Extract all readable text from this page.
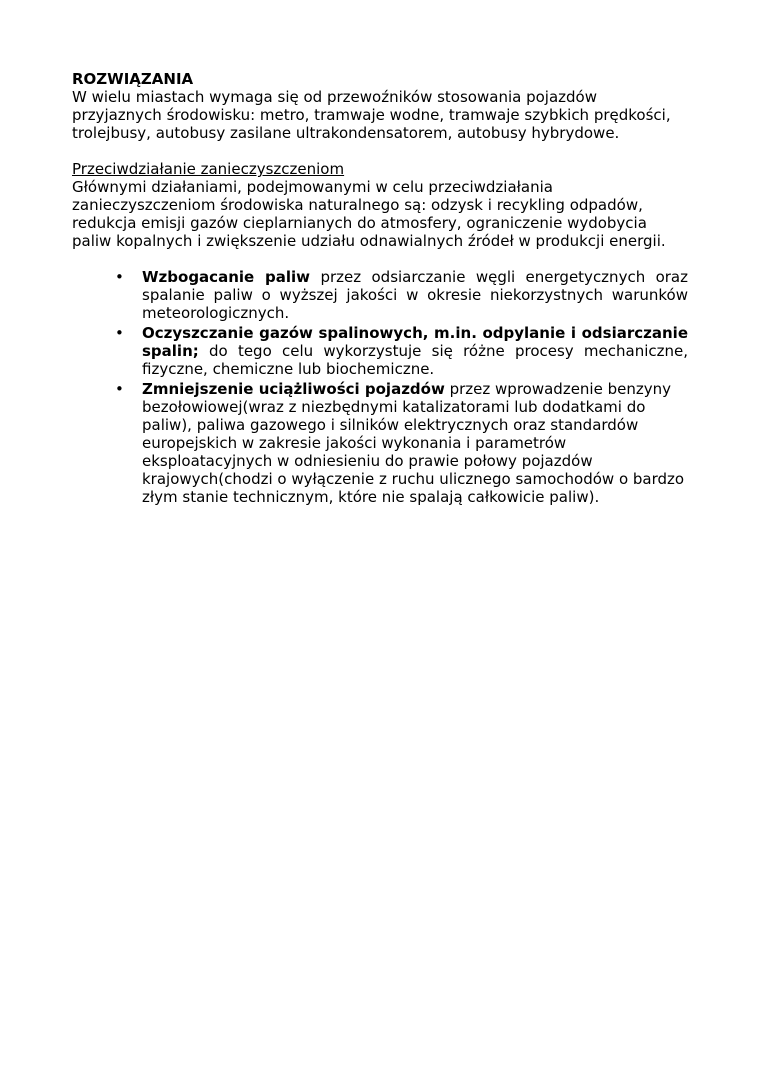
ROZWIĄZANIA
W wielu miastach wymaga się od przewoźników stosowania pojazdów przyjaznych środowisku: metro, tramwaje wodne, tramwaje szybkich prędkości, trolejbusy, autobusy zasilane ultrakondensatorem, autobusy hybrydowe.
Przeciwdziałanie zanieczyszczeniom
Głównymi działaniami, podejmowanymi w celu przeciwdziałania zanieczyszczeniom środowiska naturalnego są: odzysk i recykling odpadów, redukcja emisji gazów cieplarnianych do atmosfery, ograniczenie wydobycia paliw kopalnych i zwiększenie udziału odnawialnych źródeł w produkcji energii.
• Wzbogacanie paliw przez odsiarczanie węgli energetycznych oraz spalanie paliw o wyższej jakości w okresie niekorzystnych warunków meteorologicznych.
• Oczyszczanie gazów spalinowych, m.in. odpylanie i odsiarczanie spalin; do tego celu wykorzystuje się różne procesy mechaniczne, fizyczne, chemiczne lub biochemiczne.
• Zmniejszenie uciążliwości pojazdów przez wprowadzenie benzyny bezołowiowej(wraz z niezbędnymi katalizatorami lub dodatkami do paliw), paliwa gazowego i silników elektrycznych oraz standardów europejskich w zakresie jakości wykonania i parametrów eksploatacyjnych w odniesieniu do prawie połowy pojazdów krajowych(chodzi o wyłączenie z ruchu ulicznego samochodów o bardzo złym stanie technicznym, które nie spalają całkowicie paliw).
